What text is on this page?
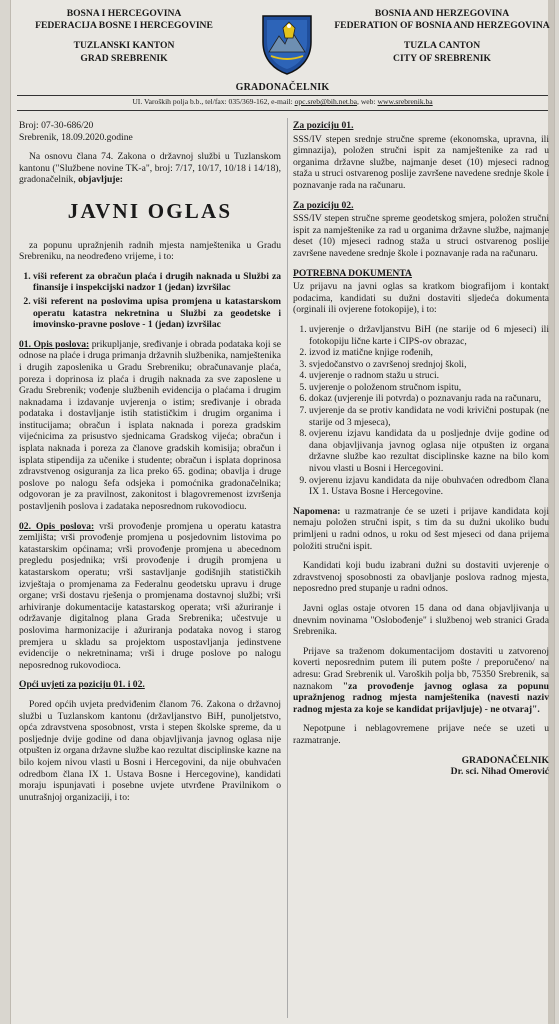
BOSNA I HERCEGOVINA
FEDERACIJA BOSNE I HERCEGOVINE
TUZLANSKI KANTON
GRAD SREBRENIK
BOSNIA AND HERZEGOVINA
FEDERATION OF BOSNIA AND HERZEGOVINA
TUZLA CANTON
CITY OF SREBRENIK
GRADONAČELNIK
UI. Varoških polja b.b., tel/fax: 035/369-162, e-mail: opc.sreb@bih.net.ba, web: www.srebrenik.ba
Broj: 07-30-686/20

Srebrenik, 18.09.2020.godine

Na osnovu člana 74. Zakona o državnoj službi u Tuzlanskom kantonu ("Službene novine TK-a", broj: 7/17, 10/17, 10/18 i 14/18), gradonačelnik, objavljuje:

JAVNI OGLAS

za popunu upražnjenih radnih mjesta namještenika u Gradu Srebreniku, na neodređeno vrijeme, i to:

1. viši referent za obračun plaća i drugih naknada u Službi za finansije i inspekcijski nadzor 1 (jedan) izvršilac
2. viši referent na poslovima upisa promjena u katastarskom operatu katastra nekretnina u Službi za geodetske i imovinsko-pravne poslove - 1 (jedan) izvršilac

01. Opis poslova: prikupljanje, sređivanje i obrada podataka koji se odnose na plaće i druga primanja državnih službenika, namještenika i drugih zaposlenika u Gradu Srebreniku; obračunavanje plaća, poreza i doprinosa iz plaća i drugih naknada za sve zaposlene u Gradu Srebrenik; vođenje službenih evidencija o plaćama i drugim naknadama i izdavanje uvjerenja o istim; sređivanje i obrada podataka i dostavljanje istih statističkim i drugim organima i institucijama; obračun i isplata naknada i poreza gradskim vijećnicima za prisustvo sjednicama Gradskog vijeća; obračun i isplata naknada i poreza za članove gradskih komisija; obračun i isplata stipendija za učenike i studente; obračun i isplata doprinosa zdravstvenog osiguranja za lica preko 65. godina; obavlja i druge poslove po nalogu šefa odsjeka i pomoćnika gradonačelnika; odgovoran je za pravilnost, zakonitost i blagovremenost izvršenja postavljenih poslova i zadataka neposrednom rukovodiocu.

02. Opis poslova: vrši provođenje promjena u operatu katastra zemljišta; vrši provođenje promjena u posjedovnim listovima po katastarskim općinama; vrši provođenje promjena u abecednom pregledu posjednika; vrši provođenje i drugih promjena u katastarskom operatu; vrši sastavljanje godišnjih statističkih izvještaja o promjenama za Federalnu geodetsku upravu i druge organe; vrši dostavu rješenja o promjenama dostavnoj službi; vrši arhiviranje dokumentacije katastarskog operata; vrši ažuriranje i održavanje digitalnog plana Grada Srebrenika; učestvuje u poslovima harmonizacije i ažuriranja podataka novog i starog premjera u skladu sa projektom uspostavljanja jedinstvene evidencije o nekretninama; vrši i druge poslove po nalogu neposrednog rukovodioca.

Opći uvjeti za poziciju 01. i 02.

Pored općih uvjeta predviđenim članom 76. Zakona o državnoj službi u Tuzlanskom kantonu (državljanstvo BiH, punoljetstvo, opća zdravstvena sposobnost, vrsta i stepen školske spreme, da u posljednje dvije godine od dana objavljivanja javnog oglasa nije otpušten iz organa državne službe kao rezultat disciplinske kazne na bilo kojem nivou vlasti u Bosni i Hercegovini, da nije obuhvaćen odredbom člana IX 1. Ustava Bosne i Hercegovine), kandidati moraju ispunjavati i posebne uvjete utvrđene Pravilnikom o unutrašnjoj organizaciji, i to:

Za poziciju 01.

SSS/IV stepen srednje stručne spreme (ekonomska, upravna, ili gimnazija), položen stručni ispit za namještenike za rad u organima državne službe, najmanje deset (10) mjeseci radnog staža u struci ostvarenog poslije završene navedene srednje škole i poznavanje rada na računaru.

Za poziciju 02.

SSS/IV stepen stručne spreme geodetskog smjera, položen stručni ispit za namještenike za rad u organima državne službe, najmanje deset (10) mjeseci radnog staža u struci ostvarenog poslije završene navedene srednje škole i poznavanje rada na računaru.

POTREBNA DOKUMENTA

Uz prijavu na javni oglas sa kratkom biografijom i kontakt podacima, kandidati su dužni dostaviti sljedeća dokumenta (orginali ili ovjerene fotokopije), i to:

1. uvjerenje o državljanstvu BiH (ne starije od 6 mjeseci) ili fotokopiju lične karte i CIPS-ov obrazac,
2. izvod iz matične knjige rođenih,
3. svjedočanstvo o završenoj srednjoj školi,
4. uvjerenje o radnom stažu u struci.
5. uvjerenje o položenom stručnom ispitu,
6. dokaz (uvjerenje ili potvrda) o poznavanju rada na računaru,
7. uvjerenje da se protiv kandidata ne vodi krivični postupak (ne starije od 3 mjeseca),
8. ovjerenu izjavu kandidata da u posljednje dvije godine od dana objavljivanja javnog oglasa nije otpušten iz organa državne službe kao rezultat disciplinske kazne na bilo kom nivou vlasti u Bosni i Hercegovini.
9. ovjerenu izjavu kandidata da nije obuhvaćen odredbom člana IX 1. Ustava Bosne i Hercegovine.

Napomena: u razmatranje će se uzeti i prijave kandidata koji nemaju položen stručni ispit, s tim da su dužni ukoliko budu primljeni u radni odnos, u roku od šest mjeseci od dana prijema položiti stručni ispit.

Kandidati koji budu izabrani dužni su dostaviti uvjerenje o zdravstvenoj sposobnosti za obavljanje poslova radnog mjesta, neposredno pred stupanje u radni odnos.

Javni oglas ostaje otvoren 15 dana od dana objavljivanja u dnevnim novinama "Oslobođenje" i službenoj web stranici Grada Srebrenika.

Prijave sa traženom dokumentacijom dostaviti u zatvorenoj koverti neposrednim putem ili putem pošte / preporučeno/ na adresu: Grad Srebrenik ul. Varoških polja bb, 75350 Srebrenik, sa naznakom "za provođenje javnog oglasa za popunu upražnjenog radnog mjesta namještenika (navesti naziv radnog mjesta za koje se kandidat prijavljuje) - ne otvaraj".

Nepotpune i neblagovremene prijave neće se uzeti u razmatranje.

GRADONAČELNIK
Dr. sci. Nihad Omerović
